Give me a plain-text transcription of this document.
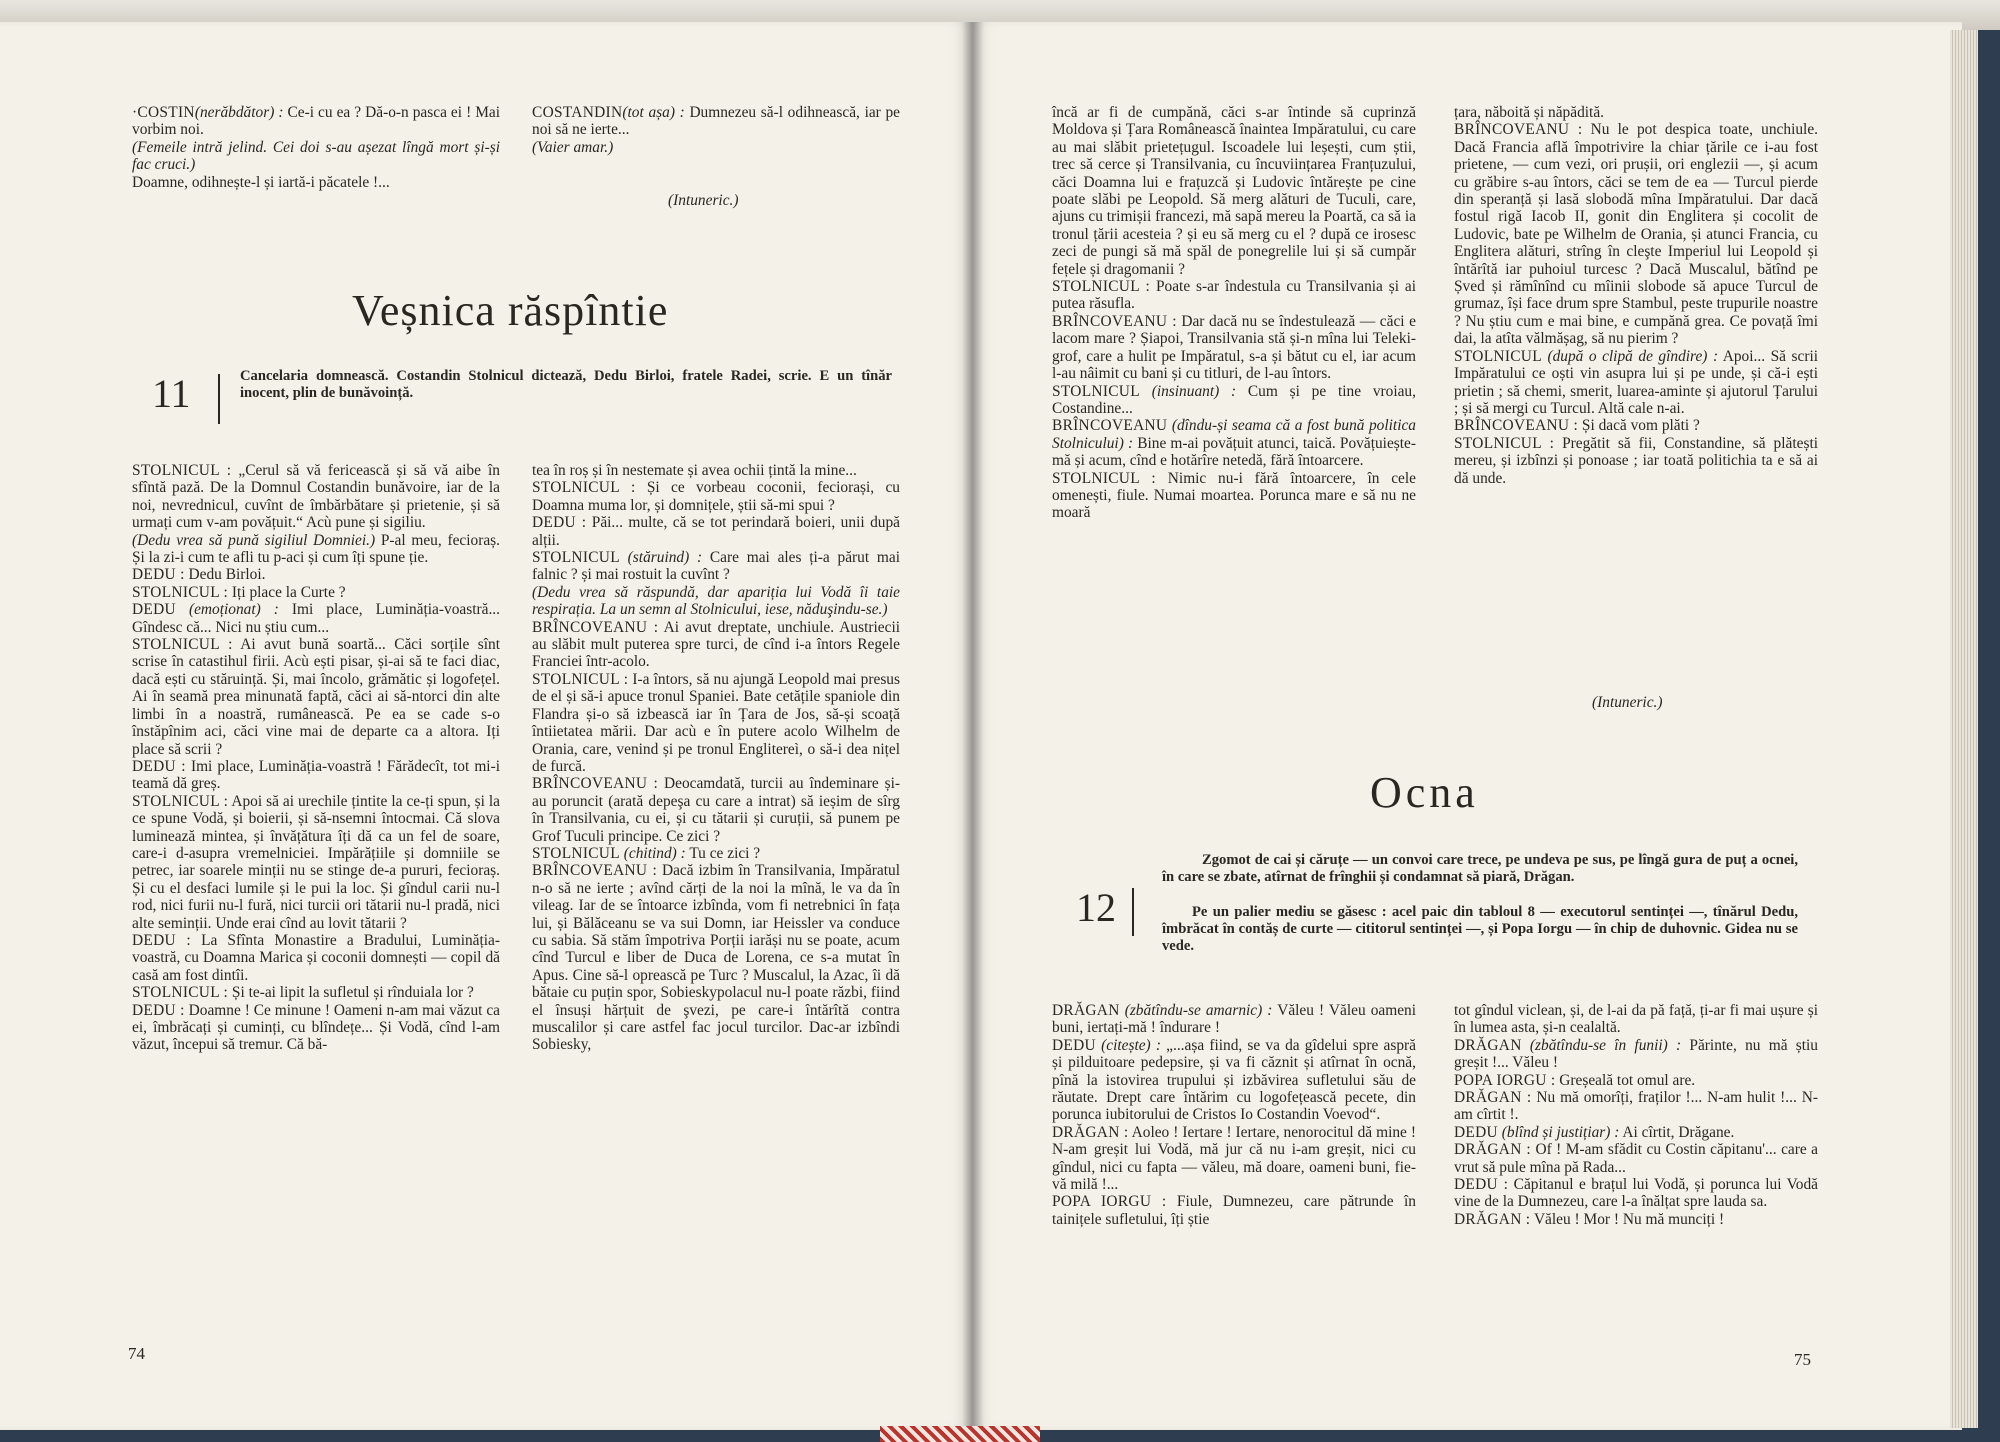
·COSTIN(nerăbdător) : Ce-i cu ea ? Dă-o-n pasca ei ! Mai vorbim noi.

(Femeile intră jelind. Cei doi s-au așezat lîngă mort și-și fac cruci.)

Doamne, odihnește-l și iartă-i păcatele !...

COSTANDIN(tot așa) : Dumnezeu să-l odihnească, iar pe noi să ne ierte...

(Vaier amar.)

(Intuneric.)
Veșnica răspîntie
11	Cancelaria domnească. Costandin Stolnicul dictează, Dedu Birloi, fratele Radei, scrie. E un tînăr inocent, plin de bunăvoință.

STOLNICUL : „Cerul să vă fericească și să vă aibe în sfîntă pază. De la Domnul Costandin bunăvoire, iar de la noi, nevrednicul, cuvînt de îmbărbătare și prietenie, și să urmați cum v-am povățuit.“ Acù pune și sigiliu.

(Dedu vrea să pună sigiliul Domniei.) P-al meu, fecioraș. Și la zi-i cum te afli tu p-aci și cum îți spune ție.

DEDU : Dedu Birloi.

STOLNICUL : Iți place la Curte ?

DEDU (emoționat) : Imi place, Luminăția-voastră... Gîndesc că... Nici nu știu cum...

STOLNICUL : Ai avut bună soartă... Căci sorțile sînt scrise în catastihul firii. Acù ești pisar, și-ai să te faci diac, dacă ești cu stăruință. Și, mai încolo, grămătic și logofețel. Ai în seamă prea minunată faptă, căci ai să-ntorci din alte limbi în a noastră, rumânească. Pe ea se cade s-o înstăpînim aci, căci vine mai de departe ca a altora. Iți place să scrii ?

DEDU : Imi place, Luminăția-voastră ! Fărădecît, tot mi-i teamă dă greș.

STOLNICUL : Apoi să ai urechile țintite la ce-ți spun, și la ce spune Vodă, și boierii, și să-nsemni întocmai. Că slova luminează mintea, și învățătura îți dă ca un fel de soare, care-i d-asupra vremelniciei. Impărățiile și domniile se petrec, iar soarele minții nu se stinge de-a pururi, fecioraș. Și cu el desfaci lumile și le pui la loc. Și gîndul carii nu-l rod, nici furii nu-l fură, nici turcii ori tătarii nu-l pradă, nici alte seminții. Unde erai cînd au lovit tătarii ?

DEDU : La Sfînta Monastire a Bradului, Luminăția-voastră, cu Doamna Marica și coconii domnești — copil dă casă am fost dintîi.

STOLNICUL : Și te-ai lipit la sufletul și rînduiala lor ?

DEDU : Doamne ! Ce minune ! Oameni n-am mai văzut ca ei, îmbrăcați și cuminți, cu blîndețe... Și Vodă, cînd l-am văzut, începui să tremur. Că bă-

tea în roș și în nestemate și avea ochii țintă la mine...

STOLNICUL : Și ce vorbeau coconii, feciorași, cu Doamna muma lor, și domnițele, știi să-mi spui ?

DEDU : Păi... multe, că se tot perindară boieri, unii după alții.

STOLNICUL (stăruind) : Care mai ales ți-a părut mai falnic ? și mai rostuit la cuvînt ?

(Dedu vrea să răspundă, dar apariția lui Vodă îi taie respirația. La un semn al Stolnicului, iese, năduşindu-se.)

BRÎNCOVEANU : Ai avut dreptate, unchiule. Austriecii au slăbit mult puterea spre turci, de cînd i-a întors Regele Franciei într-acolo.

STOLNICUL : I-a întors, să nu ajungă Leopold mai presus de el și să-i apuce tronul Spaniei. Bate cetățile spaniole din Flandra și-o să izbească iar în Țara de Jos, să-și scoață întiietatea mării. Dar acù e în putere acolo Wilhelm de Orania, care, venind și pe tronul Englitereì, o să-i dea nițel de furcă.

BRÎNCOVEANU : Deocamdată, turcii au îndeminare și-au poruncit (arată depeşa cu care a intrat) să ieșim de sîrg în Transilvania, cu ei, și cu tătarii și curuții, să punem pe Grof Tuculi principe. Ce zici ?

STOLNICUL (chitind) : Tu ce zici ?

BRÎNCOVEANU : Dacă izbim în Transilvania, Impăratul n-o să ne ierte ; avînd cărți de la noi la mînă, le va da în vileag. Iar de se întoarce izbînda, vom fi netrebnici în fața lui, și Bălăceanu se va sui Domn, iar Heissler va conduce cu sabia. Să stăm împotriva Porții iarăși nu se poate, acum cînd Turcul e liber de Duca de Lorena, ce s-a mutat în Apus. Cine să-l oprească pe Turc ? Muscalul, la Azac, îi dă bătaie cu puțin spor, Sobieskypolacul nu-l poate răzbi, fiind el însuși hărțuit de şvezi, pe care-i întărîtă contra muscalilor și care astfel fac jocul turcilor. Dac-ar izbîndi Sobiesky,

74

încă ar fi de cumpănă, căci s-ar întinde să cuprinză Moldova și Țara Românească înaintea Impăratului, cu care au mai slăbit prietețugul. Iscoadele lui leșești, cum știi, trec să cerce și Transilvania, cu încuviințarea Franțuzului, căci Doamna lui e frațuzcă și Ludovic întărește pe cine poate slăbi pe Leopold. Să merg alături de Tuculi, care, ajuns cu trimișii francezi, mă sapă mereu la Poartă, ca să ia tronul țării acesteia ? și eu să merg cu el ? după ce irosesc zeci de pungi să mă spăl de ponegrelile lui și să cumpăr fețele și dragomanii ?

STOLNICUL : Poate s-ar îndestula cu Transilvania și ai putea răsufla.

BRÎNCOVEANU : Dar dacă nu se îndestulează — căci e lacom mare ? Șiapoi, Transilvania stă și-n mîna lui Teleki-grof, care a hulit pe Impăratul, s-a și bătut cu el, iar acum l-au nâimit cu bani și cu titluri, de l-au întors.

STOLNICUL (insinuant) : Cum și pe tine vroiau, Costandine...

BRÎNCOVEANU (dîndu-și seama că a fost bună politica Stolnicului) : Bine m-ai povățuit atunci, taică. Povățuiește-mă și acum, cînd e hotărîre netedă, fără întoarcere.

STOLNICUL : Nimic nu-i fără întoarcere, în cele omenești, fiule. Numai moartea. Porunca mare e să nu ne moară

țara, năboită și năpădită.

BRÎNCOVEANU : Nu le pot despica toate, unchiule. Dacă Francia află împotrivire la chiar țările ce i-au fost prietene, — cum vezi, ori prușii, ori englezii —, și acum cu grăbire s-au întors, căci se tem de ea — Turcul pierde din speranță și lasă slobodă mîna Impăratului. Dar dacă fostul rigă Iacob II, gonit din Englitera și cocolit de Ludovic, bate pe Wilhelm de Orania, și atunci Francia, cu Englitera alături, strîng în cleşte Imperiul lui Leopold și întărîtă iar puhoiul turcesc ? Dacă Muscalul, bătînd pe Șved și rămînînd cu mîinii slobode să apuce Turcul de grumaz, își face drum spre Stambul, peste trupurile noastre ? Nu știu cum e mai bine, e cumpănă grea. Ce povață îmi dai, la atîta vălmășag, să nu pierim ?

STOLNICUL (după o clipă de gîndire) : Apoi... Să scrii Impăratului ce oști vin asupra lui și pe unde, și că-i ești prietin ; să chemi, smerit, luarea-aminte și ajutorul Țarului ; și să mergi cu Turcul. Altă cale n-ai.

BRÎNCOVEANU : Și dacă vom plăti ?

STOLNICUL : Pregătit să fii, Constandine, să plătești mereu, și izbînzi și ponoase ; iar toată politichia ta e să ai dă unde.

(Intuneric.)
Ocna
12
Zgomot de cai și căruțe — un convoi care trece, pe undeva pe sus, pe lîngă gura de puț a ocnei, în care se zbate, atîrnat de frînghii și condamnat să piară, Drăgan.
Pe un palier mediu se găsesc : acel paic din tabloul 8 — executorul sentinței —, tînărul Dedu, îmbrăcat în contăș de curte — cititorul sentinței —, și Popa Iorgu — în chip de duhovnic. Gidea nu se vede.

DRĂGAN (zbătîndu-se amarnic) : Văleu ! Văleu oameni buni, iertați-mă ! îndurare !

DEDU (citește) : „...așa fiind, se va da gîdelui spre aspră și pilduitoare pedepsire, și va fi căznit și atîrnat în ocnă, pînă la istovirea trupului și izbăvirea sufletului său de răutate. Drept care întărim cu logofețească pecete, din porunca iubitorului de Cristos Io Costandin Voevod“.

DRĂGAN : Aoleo ! Iertare ! Iertare, nenorocitul dă mine ! N-am greșit lui Vodă, mă jur că nu i-am greșit, nici cu gîndul, nici cu fapta — văleu, mă doare, oameni buni, fie-vă milă !...

POPA IORGU : Fiule, Dumnezeu, care pătrunde în tainițele sufletului, îți știe

tot gîndul viclean, și, de l-ai da pă față, ți-ar fi mai ușure și în lumea asta, și-n cealaltă.

DRĂGAN (zbătîndu-se în funii) : Părinte, nu mă știu greșit !... Văleu !

POPA IORGU : Greșeală tot omul are.

DRĂGAN : Nu mă omorîți, fraților !... N-am hulit !... N-am cîrtit !.

DEDU (blînd și justițiar) : Ai cîrtit, Drăgane.

DRĂGAN : Of ! M-am sfădit cu Costin căpitanu'... care a vrut să pule mîna pă Rada...

DEDU : Căpitanul e brațul lui Vodă, și porunca lui Vodă vine de la Dumnezeu, care l-a înălțat spre lauda sa.

DRĂGAN : Văleu ! Mor ! Nu mă munciți !

75
